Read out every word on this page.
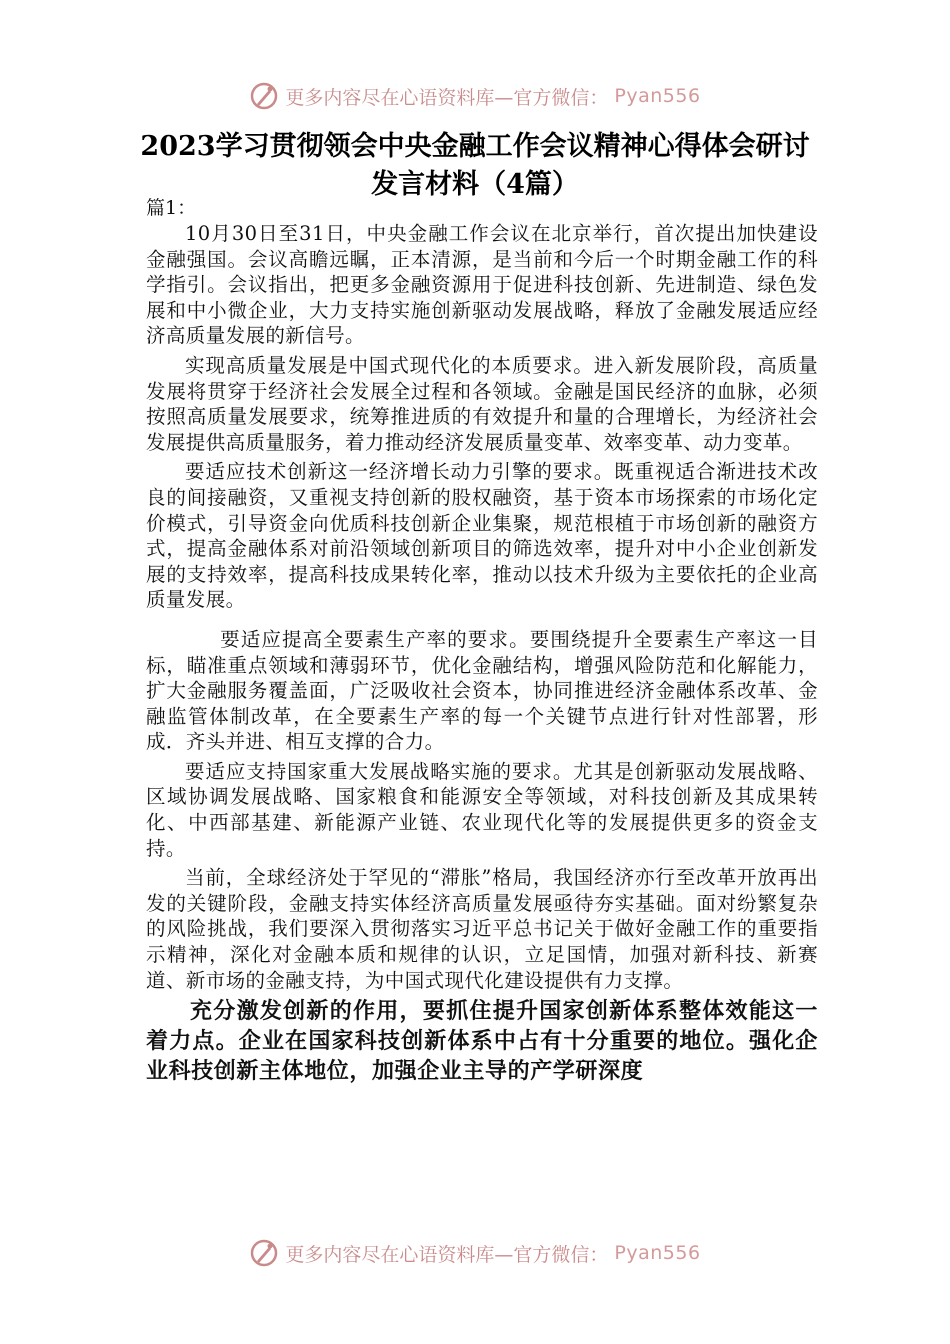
更多内容尽在心语资料库—官方微信： Pyan556
2023学习贯彻领会中央金融工作会议精神心得体会研讨发言材料（4篇）

篇1：

10月30日至31日，中央金融工作会议在北京举行，首次提出加快建设金融强国。会议高瞻远瞩，正本清源，是当前和今后一个时期金融工作的科学指引。会议指出，把更多金融资源用于促进科技创新、先进制造、绿色发展和中小微企业，大力支持实施创新驱动发展战略，释放了金融发展适应经济高质量发展的新信号。

实现高质量发展是中国式现代化的本质要求。进入新发展阶段，高质量发展将贯穿于经济社会发展全过程和各领域。金融是国民经济的血脉，必须按照高质量发展要求，统筹推进质的有效提升和量的合理增长，为经济社会发展提供高质量服务，着力推动经济发展质量变革、效率变革、动力变革。

要适应技术创新这一经济增长动力引擎的要求。既重视适合渐进技术改良的间接融资，又重视支持创新的股权融资，基于资本市场探索的市场化定价模式，引导资金向优质科技创新企业集聚，规范根植于市场创新的融资方式，提高金融体系对前沿领域创新项目的筛选效率，提升对中小企业创新发展的支持效率，提高科技成果转化率，推动以技术升级为主要依托的企业高质量发展。

要适应提高全要素生产率的要求。要围绕提升全要素生产率这一目标，瞄准重点领域和薄弱环节，优化金融结构，增强风险防范和化解能力，扩大金融服务覆盖面，广泛吸收社会资本，协同推进经济金融体系改革、金融监管体制改革，在全要素生产率的每一个关键节点进行针对性部署，形成．齐头并进、相互支撑的合力。

要适应支持国家重大发展战略实施的要求。尤其是创新驱动发展战略、区域协调发展战略、国家粮食和能源安全等领域，对科技创新及其成果转化、中西部基建、新能源产业链、农业现代化等的发展提供更多的资金支持。

当前，全球经济处于罕见的“滞胀”格局，我国经济亦行至改革开放再出发的关键阶段，金融支持实体经济高质量发展亟待夯实基础。面对纷繁复杂的风险挑战，我们要深入贯彻落实习近平总书记关于做好金融工作的重要指示精神，深化对金融本质和规律的认识，立足国情，加强对新科技、新赛道、新市场的金融支持，为中国式现代化建设提供有力支撑。

充分激发创新的作用，要抓住提升国家创新体系整体效能这一着力点。企业在国家科技创新体系中占有十分重要的地位。强化企业科技创新主体地位，加强企业主导的产学研深度

更多内容尽在心语资料库—官方微信： Pyan556
